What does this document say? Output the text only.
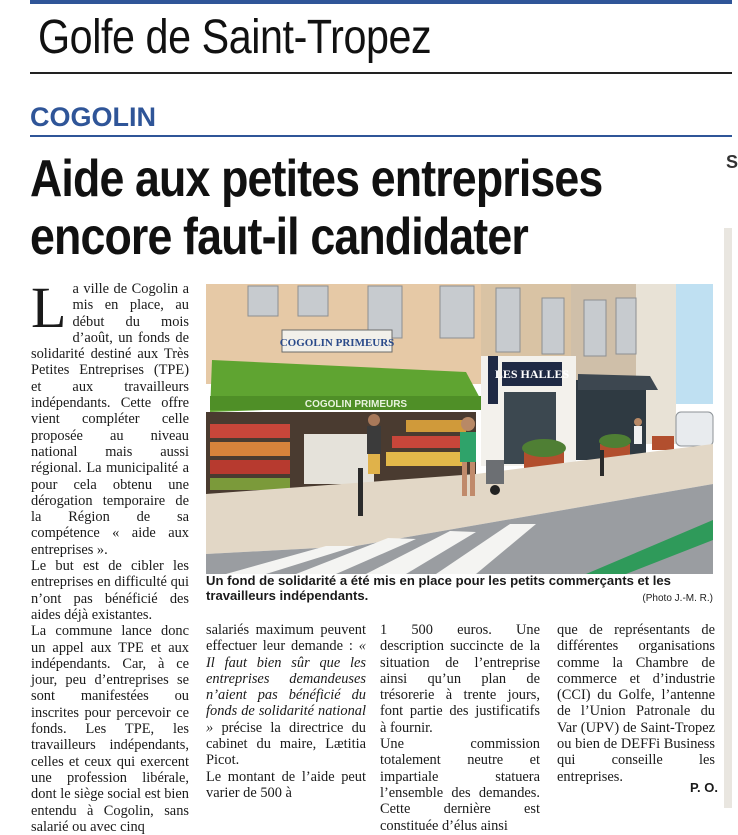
Golfe de Saint-Tropez
COGOLIN
Aide aux petites entreprises encore faut-il candidater
S

La ville de Cogolin a mis en place, au début du mois d’août, un fonds de solidarité destiné aux Très Petites Entreprises (TPE) et aux travailleurs indépendants. Cette offre vient compléter celle proposée au niveau national mais aussi régional. La municipalité a pour cela obtenu une dérogation temporaire de la Région de sa compétence « aide aux entreprises ».

Le but est de cibler les entreprises en difficulté qui n’ont pas bénéficié des aides déjà existantes.

La commune lance donc un appel aux TPE et aux indépendants. Car, à ce jour, peu d’entreprises se sont manifestées ou inscrites pour percevoir ce fonds. Les TPE, les travailleurs indépendants, celles et ceux qui exercent une profession libérale, dont le siège social est bien entendu à Cogolin, sans salarié ou avec cinq

COGOLIN PRIMEURS
COGOLIN PRIMEURS
LES HALLES

Un fond de solidarité a été mis en place pour les petits commerçants et les travailleurs indépendants.	(Photo J.-M. R.)

salariés maximum peuvent effectuer leur demande : « Il faut bien sûr que les entreprises demandeuses n’aient pas bénéficié du fonds de solidarité national » précise la directrice du cabinet du maire, Lætitia Picot.

Le montant de l’aide peut varier de 500 à

1 500 euros. Une description succincte de la situation de l’entreprise ainsi qu’un plan de trésorerie à trente jours, font partie des justificatifs à fournir.

Une commission totalement neutre et impartiale statuera l’ensemble des demandes. Cette dernière est constituée d’élus ainsi

que de représentants de différentes organisations comme la Chambre de commerce et d’industrie (CCI) du Golfe, l’antenne de l’Union Patronale du Var (UPV) de Saint-Tropez ou bien de DEFFi Business qui conseille les entreprises.

P. O.
